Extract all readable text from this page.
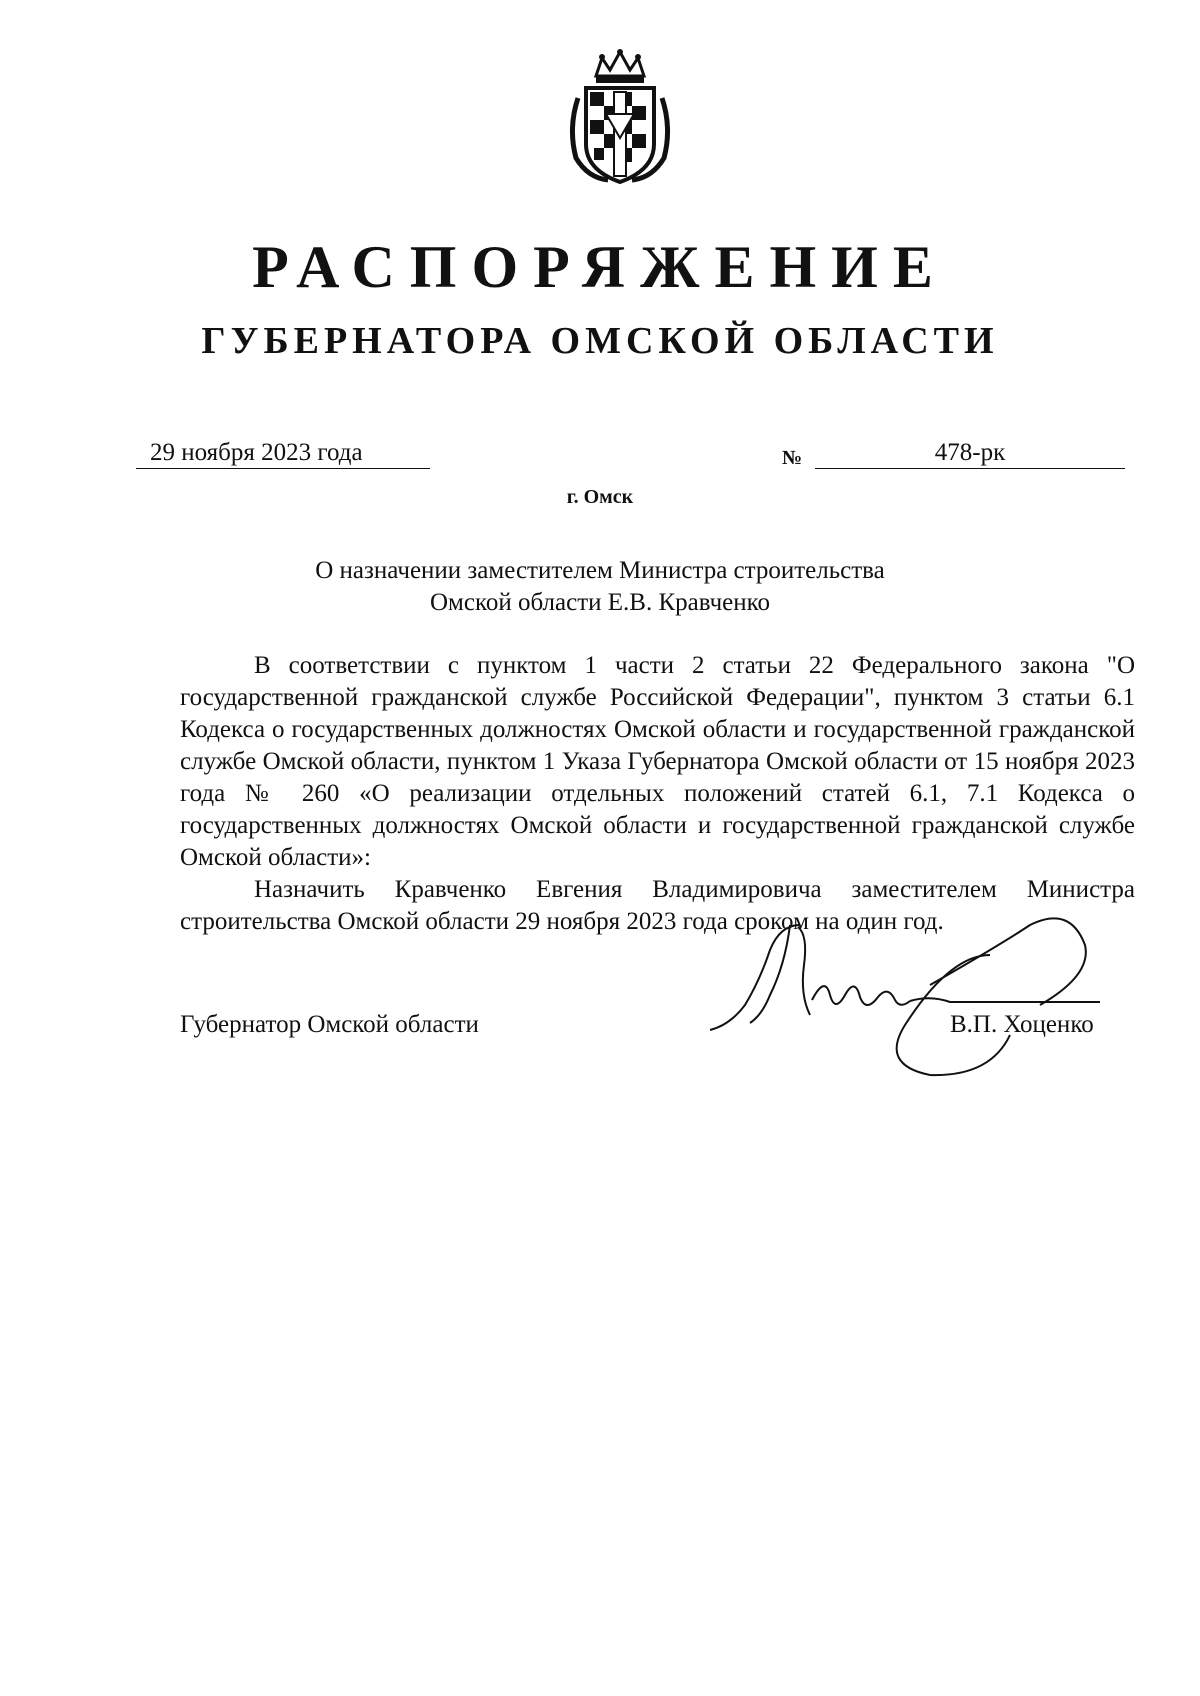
РАСПОРЯЖЕНИЕ
ГУБЕРНАТОРА ОМСКОЙ ОБЛАСТИ
29 ноября 2023 года	№	478-рк
г. Омск
О назначении заместителем Министра строительства
Омской области Е.В. Кравченко

В соответствии с пунктом 1 части 2 статьи 22 Федерального закона "О государственной гражданской службе Российской Федерации", пунктом 3 статьи 6.1 Кодекса о государственных должностях Омской области и государственной гражданской службе Омской области, пунктом 1 Указа Губернатора Омской области от 15 ноября 2023 года № 260 «О реализации отдельных положений статей 6.1, 7.1 Кодекса о государственных должностях Омской области и государственной гражданской службе Омской области»:

Назначить Кравченко Евгения Владимировича заместителем Министра строительства Омской области 29 ноября 2023 года сроком на один год.

Губернатор Омской области	В.П. Хоценко
